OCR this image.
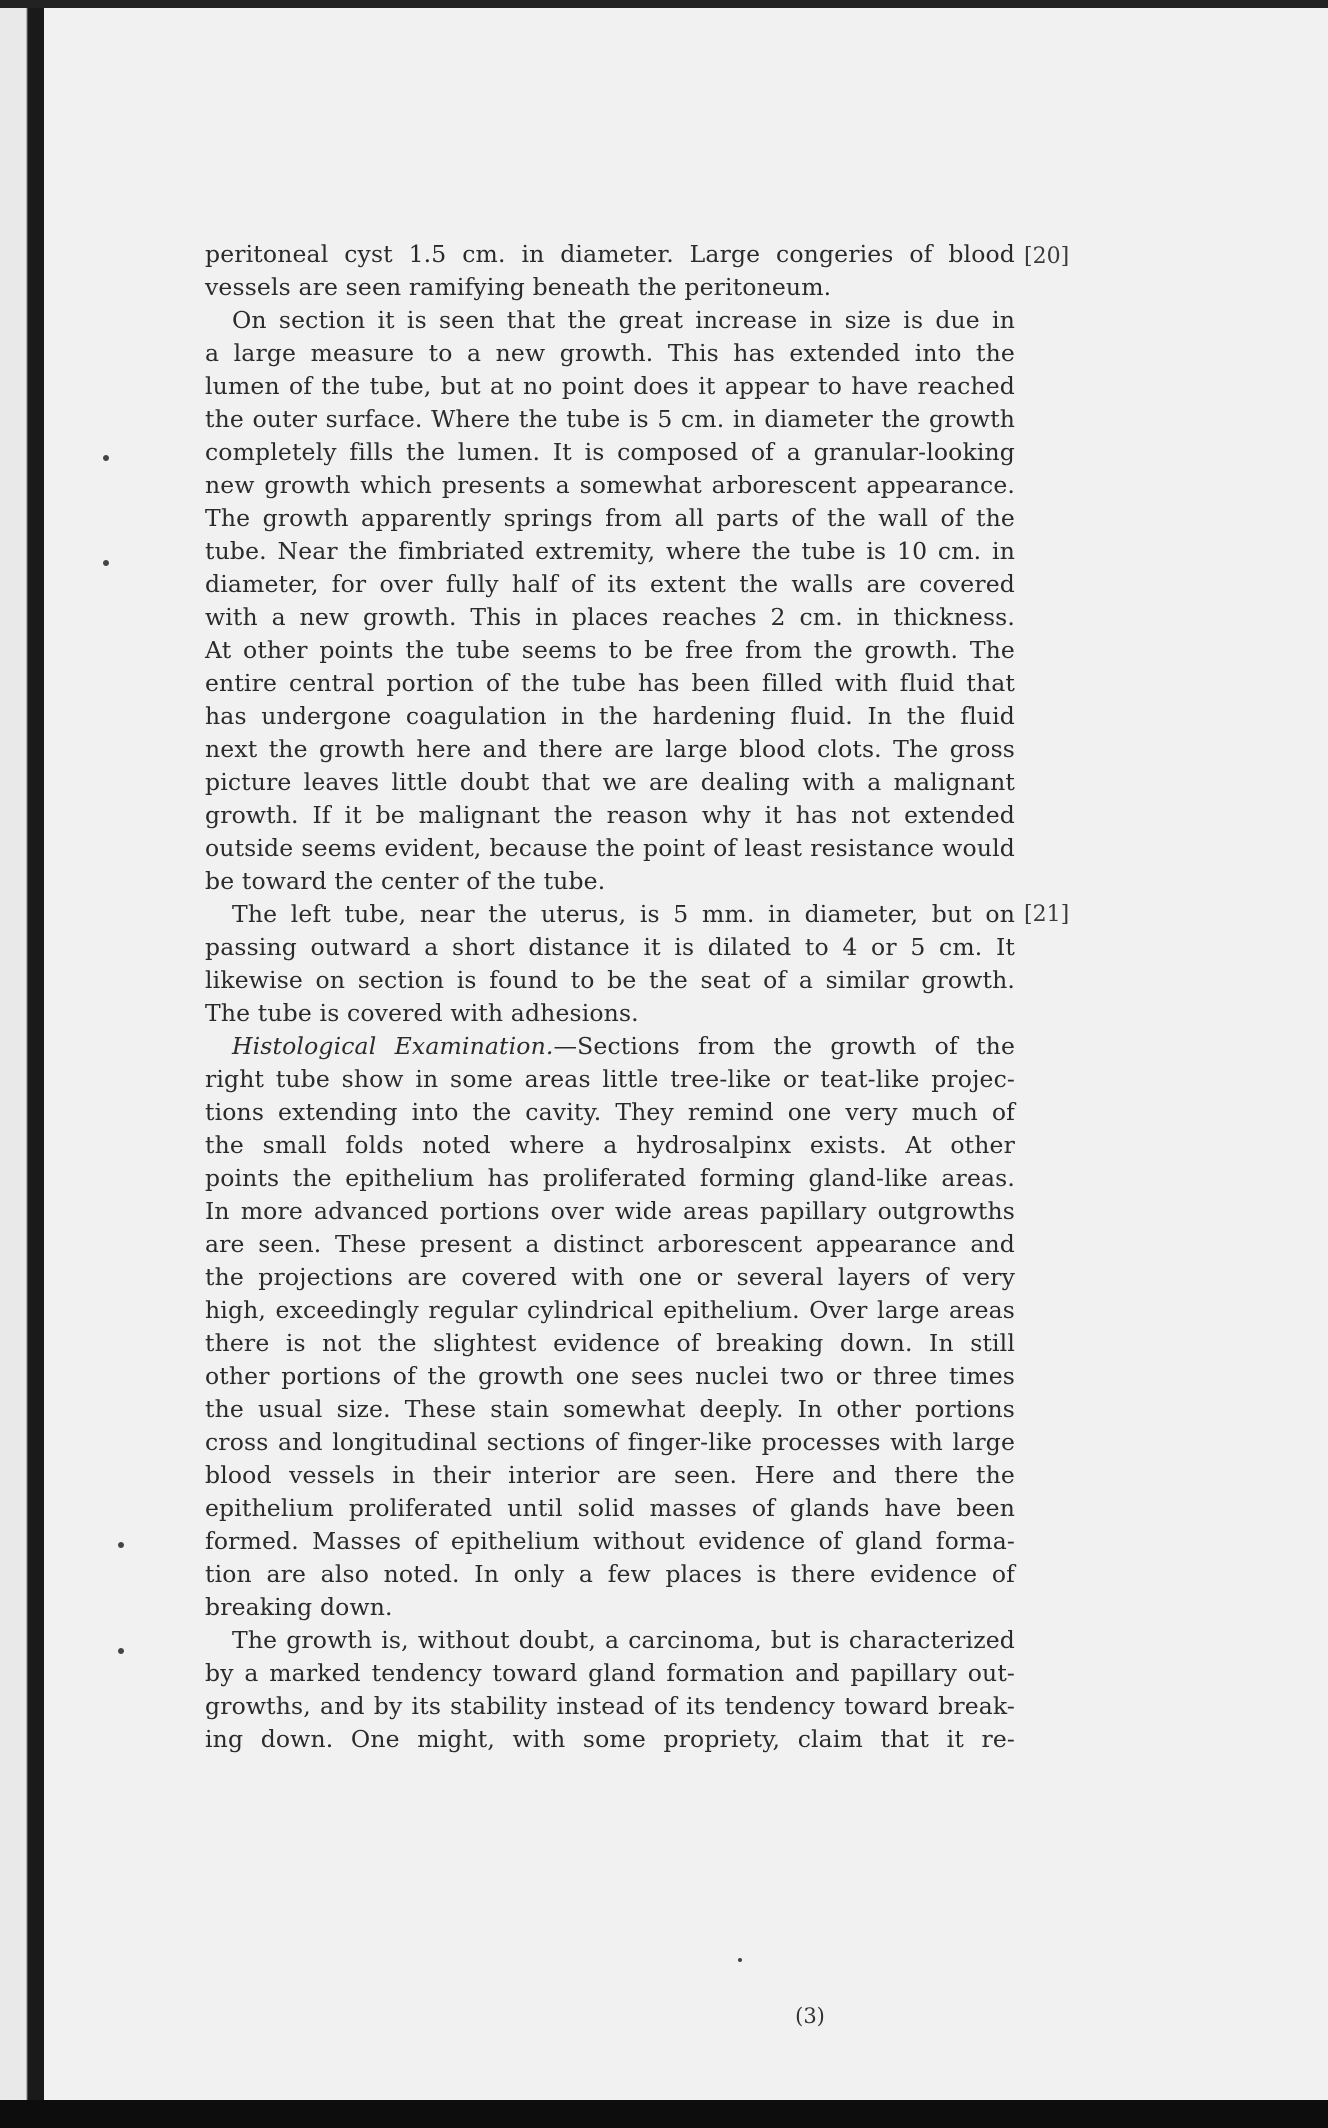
[20]
[21]
peritoneal cyst 1.5 cm. in diameter. Large congeries of blood
vessels are seen ramifying beneath the peritoneum.
On section it is seen that the great increase in size is due in
a large measure to a new growth. This has extended into the
lumen of the tube, but at no point does it appear to have reached
the outer surface. Where the tube is 5 cm. in diameter the growth
completely fills the lumen. It is composed of a granular-looking
new growth which presents a somewhat arborescent appearance.
The growth apparently springs from all parts of the wall of the
tube. Near the fimbriated extremity, where the tube is 10 cm. in
diameter, for over fully half of its extent the walls are covered
with a new growth. This in places reaches 2 cm. in thickness.
At other points the tube seems to be free from the growth. The
entire central portion of the tube has been filled with fluid that
has undergone coagulation in the hardening fluid. In the fluid
next the growth here and there are large blood clots. The gross
picture leaves little doubt that we are dealing with a malignant
growth. If it be malignant the reason why it has not extended
outside seems evident, because the point of least resistance would
be toward the center of the tube.
The left tube, near the uterus, is 5 mm. in diameter, but on
passing outward a short distance it is dilated to 4 or 5 cm. It
likewise on section is found to be the seat of a similar growth.
The tube is covered with adhesions.
Histological Examination.—Sections from the growth of the
right tube show in some areas little tree-like or teat-like projec-
tions extending into the cavity. They remind one very much of
the small folds noted where a hydrosalpinx exists. At other
points the epithelium has proliferated forming gland-like areas.
In more advanced portions over wide areas papillary outgrowths
are seen. These present a distinct arborescent appearance and
the projections are covered with one or several layers of very
high, exceedingly regular cylindrical epithelium. Over large areas
there is not the slightest evidence of breaking down. In still
other portions of the growth one sees nuclei two or three times
the usual size. These stain somewhat deeply. In other portions
cross and longitudinal sections of finger-like processes with large
blood vessels in their interior are seen. Here and there the
epithelium proliferated until solid masses of glands have been
formed. Masses of epithelium without evidence of gland forma-
tion are also noted. In only a few places is there evidence of
breaking down.
The growth is, without doubt, a carcinoma, but is characterized
by a marked tendency toward gland formation and papillary out-
growths, and by its stability instead of its tendency toward break-
ing down. One might, with some propriety, claim that it re-
(3)
